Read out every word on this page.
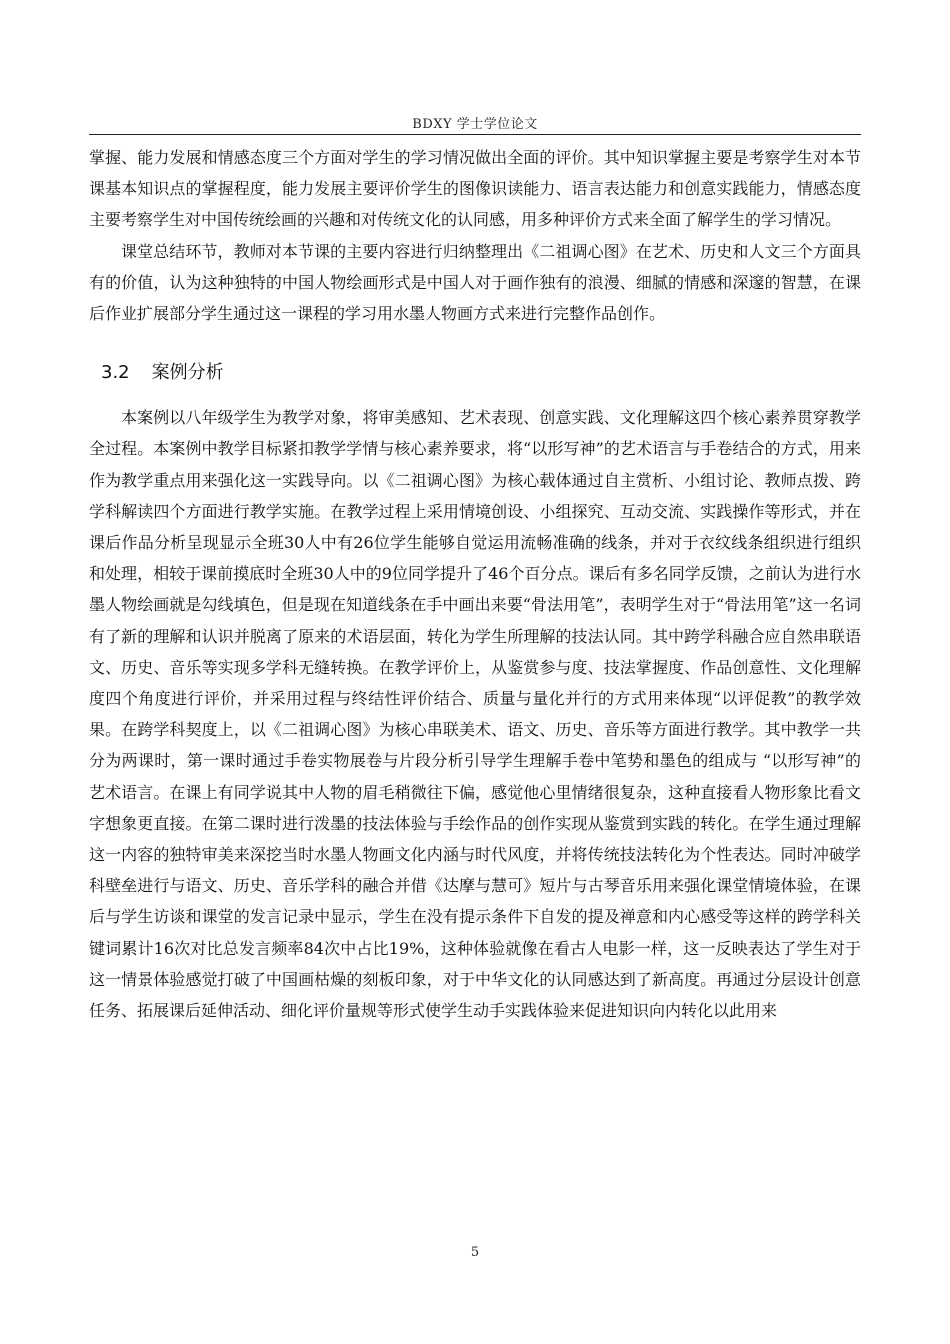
BDXY 学士学位论文

掌握、能力发展和情感态度三个方面对学生的学习情况做出全面的评价。其中知识掌握主要是考察学生对本节课基本知识点的掌握程度，能力发展主要评价学生的图像识读能力、语言表达能力和创意实践能力，情感态度主要考察学生对中国传统绘画的兴趣和对传统文化的认同感，用多种评价方式来全面了解学生的学习情况。

课堂总结环节，教师对本节课的主要内容进行归纳整理出《二祖调心图》在艺术、历史和人文三个方面具有的价值，认为这种独特的中国人物绘画形式是中国人对于画作独有的浪漫、细腻的情感和深邃的智慧，在课后作业扩展部分学生通过这一课程的学习用水墨人物画方式来进行完整作品创作。

3.2 案例分析

本案例以八年级学生为教学对象，将审美感知、艺术表现、创意实践、文化理解这四个核心素养贯穿教学全过程。本案例中教学目标紧扣教学学情与核心素养要求，将“以形写神”的艺术语言与手卷结合的方式，用来作为教学重点用来强化这一实践导向。以《二祖调心图》为核心载体通过自主赏析、小组讨论、教师点拨、跨学科解读四个方面进行教学实施。在教学过程上采用情境创设、小组探究、互动交流、实践操作等形式，并在课后作品分析呈现显示全班30人中有26位学生能够自觉运用流畅准确的线条，并对于衣纹线条组织进行组织和处理，相较于课前摸底时全班30人中的9位同学提升了46个百分点。课后有多名同学反馈，之前认为进行水墨人物绘画就是勾线填色，但是现在知道线条在手中画出来要“骨法用笔”，表明学生对于“骨法用笔”这一名词有了新的理解和认识并脱离了原来的术语层面，转化为学生所理解的技法认同。其中跨学科融合应自然串联语文、历史、音乐等实现多学科无缝转换。在教学评价上，从鉴赏参与度、技法掌握度、作品创意性、文化理解度四个角度进行评价，并采用过程与终结性评价结合、质量与量化并行的方式用来体现“以评促教”的教学效果。在跨学科契度上，以《二祖调心图》为核心串联美术、语文、历史、音乐等方面进行教学。其中教学一共分为两课时，第一课时通过手卷实物展卷与片段分析引导学生理解手卷中笔势和墨色的组成与 “以形写神”的艺术语言。在课上有同学说其中人物的眉毛稍微往下偏，感觉他心里情绪很复杂，这种直接看人物形象比看文字想象更直接。在第二课时进行泼墨的技法体验与手绘作品的创作实现从鉴赏到实践的转化。在学生通过理解这一内容的独特审美来深挖当时水墨人物画文化内涵与时代风度，并将传统技法转化为个性表达。同时冲破学科壁垒进行与语文、历史、音乐学科的融合并借《达摩与慧可》短片与古琴音乐用来强化课堂情境体验，在课后与学生访谈和课堂的发言记录中显示，学生在没有提示条件下自发的提及禅意和内心感受等这样的跨学科关键词累计16次对比总发言频率84次中占比19%，这种体验就像在看古人电影一样，这一反映表达了学生对于这一情景体验感觉打破了中国画枯燥的刻板印象，对于中华文化的认同感达到了新高度。再通过分层设计创意任务、拓展课后延伸活动、细化评价量规等形式使学生动手实践体验来促进知识向内转化以此用来

5
